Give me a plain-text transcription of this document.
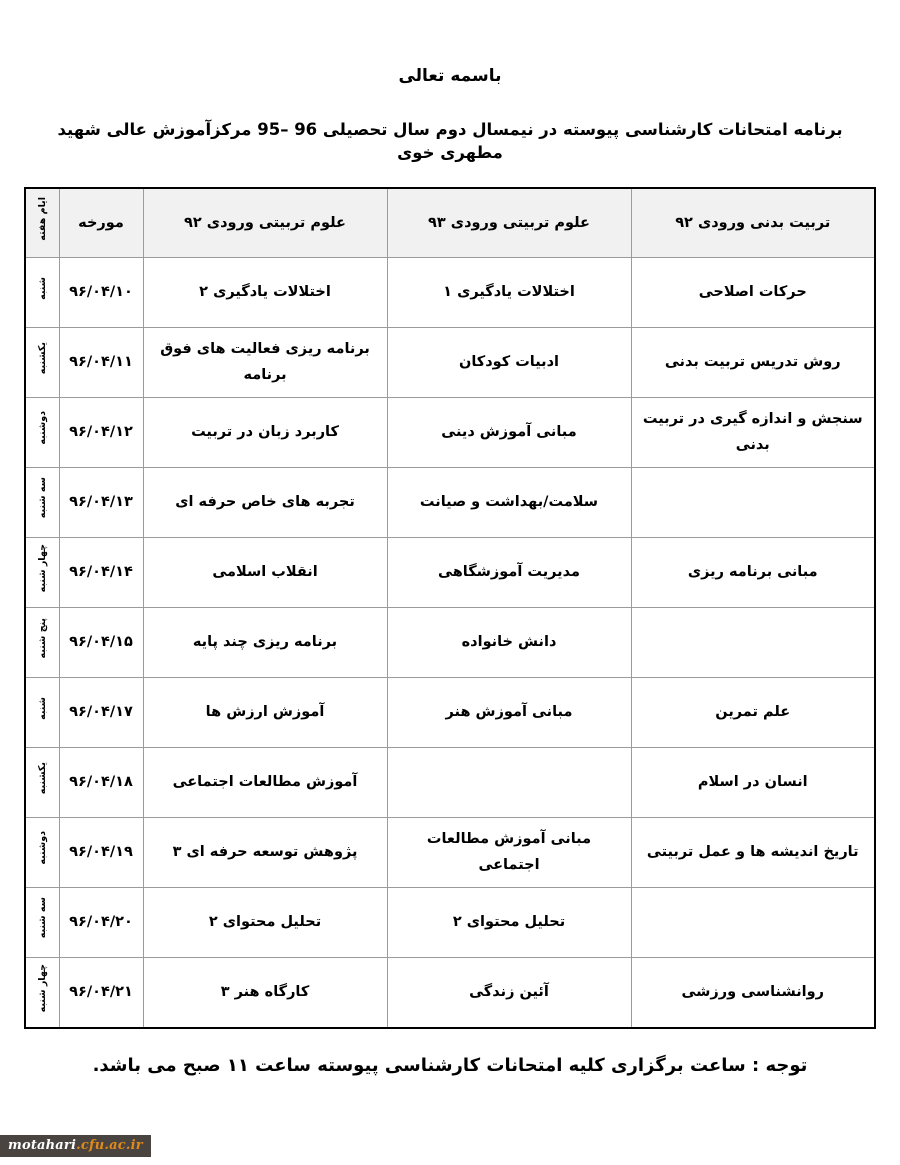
باسمه تعالی
برنامه امتحانات کارشناسی پیوسته در نیمسال دوم سال تحصیلی 96 –95 مرکزآموزش عالی شهید مطهری خوی
تربیت بدنی ورودی ۹۲	علوم تربیتی ورودی ۹۳	علوم تربیتی ورودی ۹۲	مورخه	ایام هفته
حرکات اصلاحی	اختلالات یادگیری ۱	اختلالات یادگیری ۲	۹۶/۰۴/۱۰	شنبه
روش تدریس تربیت بدنی	ادبیات کودکان	برنامه ریزی فعالیت های فوق برنامه	۹۶/۰۴/۱۱	یکشنبه
سنجش و اندازه گیری در تربیت بدنی	مبانی آموزش دینی	کاربرد زبان در تربیت	۹۶/۰۴/۱۲	دوشنبه
	سلامت/بهداشت و صیانت	تجربه های خاص حرفه ای	۹۶/۰۴/۱۳	سه شنبه
مبانی برنامه ریزی	مدیریت آموزشگاهی	انقلاب اسلامی	۹۶/۰۴/۱۴	چهار شنبه
	دانش خانواده	برنامه ریزی چند پایه	۹۶/۰۴/۱۵	پنج شنبه
علم تمرین	مبانی آموزش هنر	آموزش ارزش ها	۹۶/۰۴/۱۷	شنبه
انسان در اسلام		آموزش مطالعات اجتماعی	۹۶/۰۴/۱۸	یکشنبه
تاریخ اندیشه ها و عمل تربیتی	مبانی آموزش مطالعات اجتماعی	پژوهش توسعه حرفه ای ۳	۹۶/۰۴/۱۹	دوشنبه
	تحلیل محتوای ۲	تحلیل محتوای ۲	۹۶/۰۴/۲۰	سه شنبه
روانشناسی ورزشی	آئین زندگی	کارگاه هنر ۳	۹۶/۰۴/۲۱	چهار شنبه

توجه : ساعت برگزاری کلیه امتحانات کارشناسی پیوسته ساعت ۱۱ صبح می باشد.

motahari.cfu.ac.ir
